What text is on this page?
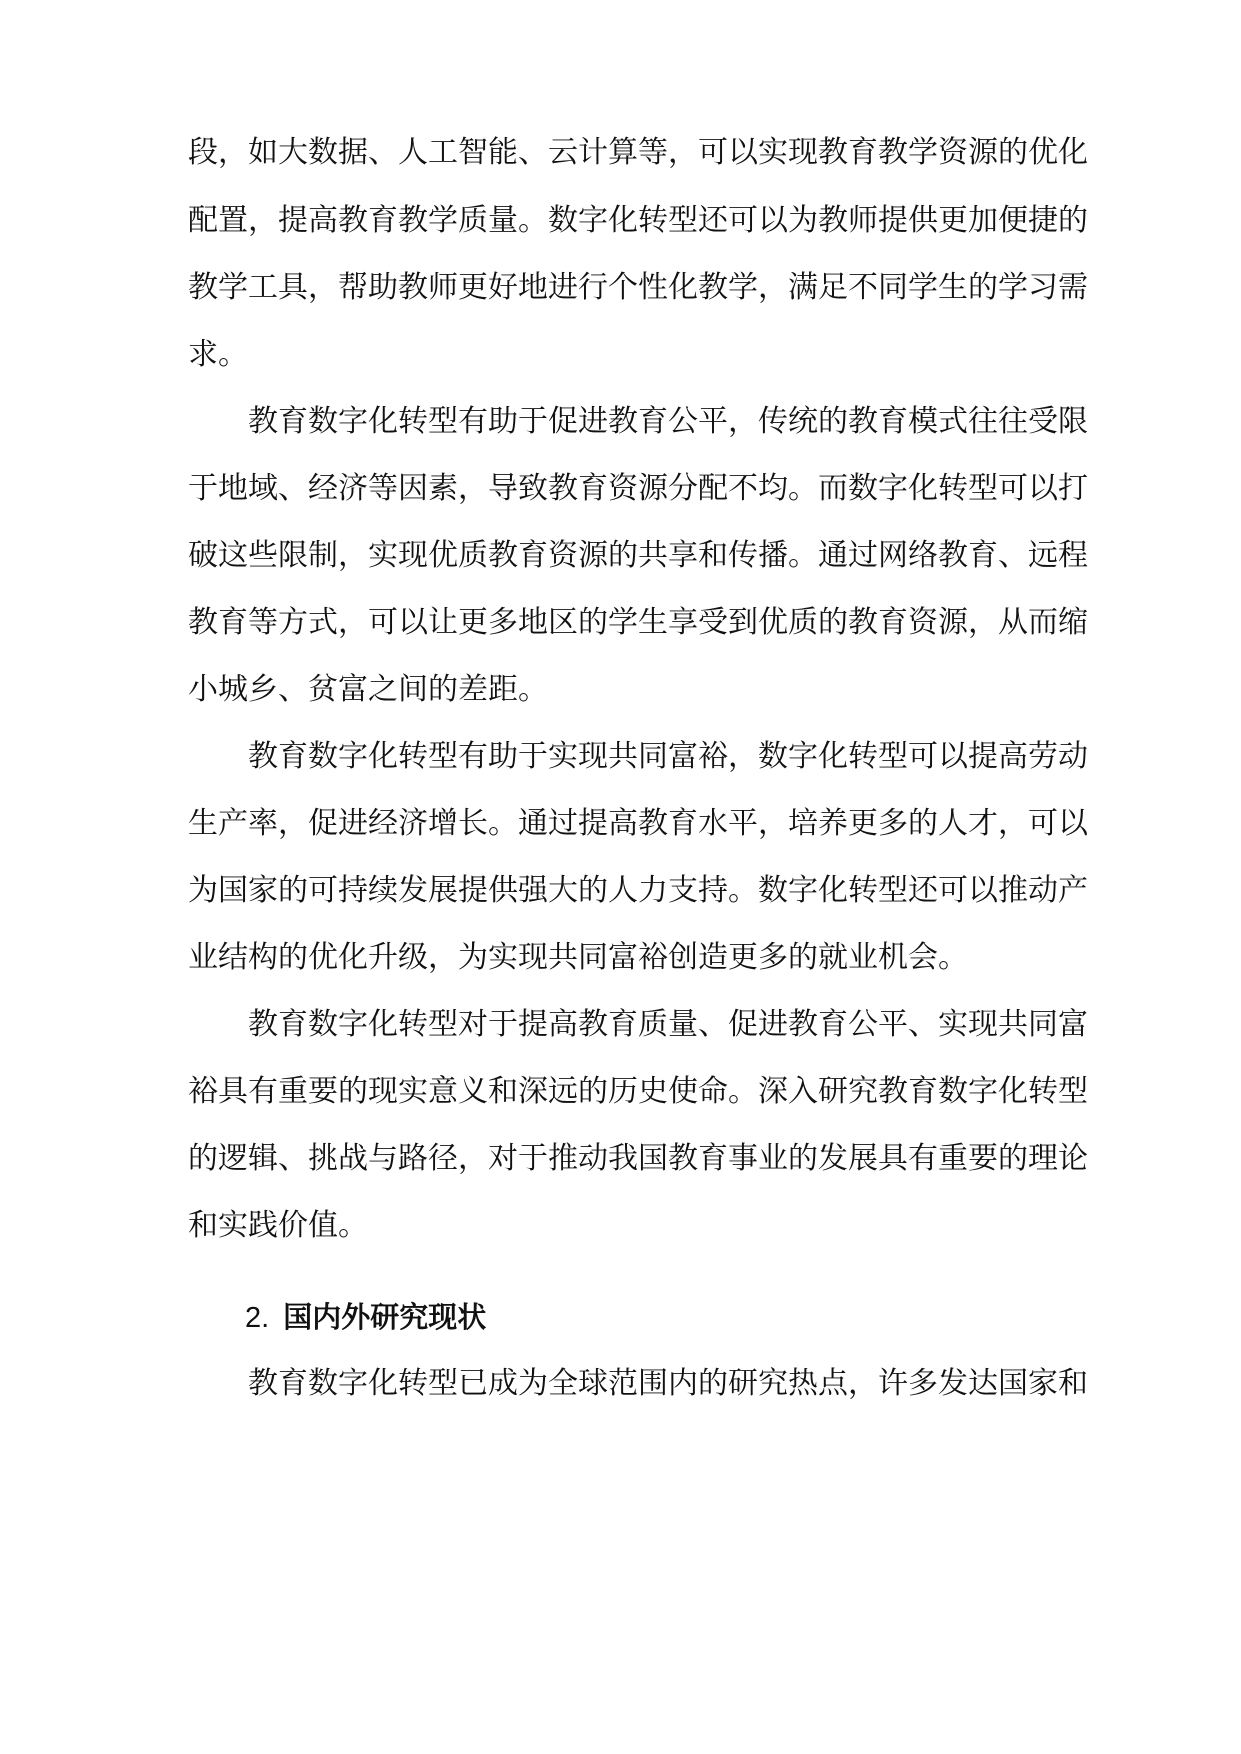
段，如大数据、人工智能、云计算等，可以实现教育教学资源的优化
配置，提高教育教学质量。数字化转型还可以为教师提供更加便捷的
教学工具，帮助教师更好地进行个性化教学，满足不同学生的学习需
求。
教育数字化转型有助于促进教育公平，传统的教育模式往往受限
于地域、经济等因素，导致教育资源分配不均。而数字化转型可以打
破这些限制，实现优质教育资源的共享和传播。通过网络教育、远程
教育等方式，可以让更多地区的学生享受到优质的教育资源，从而缩
小城乡、贫富之间的差距。
教育数字化转型有助于实现共同富裕，数字化转型可以提高劳动
生产率，促进经济增长。通过提高教育水平，培养更多的人才，可以
为国家的可持续发展提供强大的人力支持。数字化转型还可以推动产
业结构的优化升级，为实现共同富裕创造更多的就业机会。
教育数字化转型对于提高教育质量、促进教育公平、实现共同富
裕具有重要的现实意义和深远的历史使命。深入研究教育数字化转型
的逻辑、挑战与路径，对于推动我国教育事业的发展具有重要的理论
和实践价值。
2. 国内外研究现状
教育数字化转型已成为全球范围内的研究热点，许多发达国家和
